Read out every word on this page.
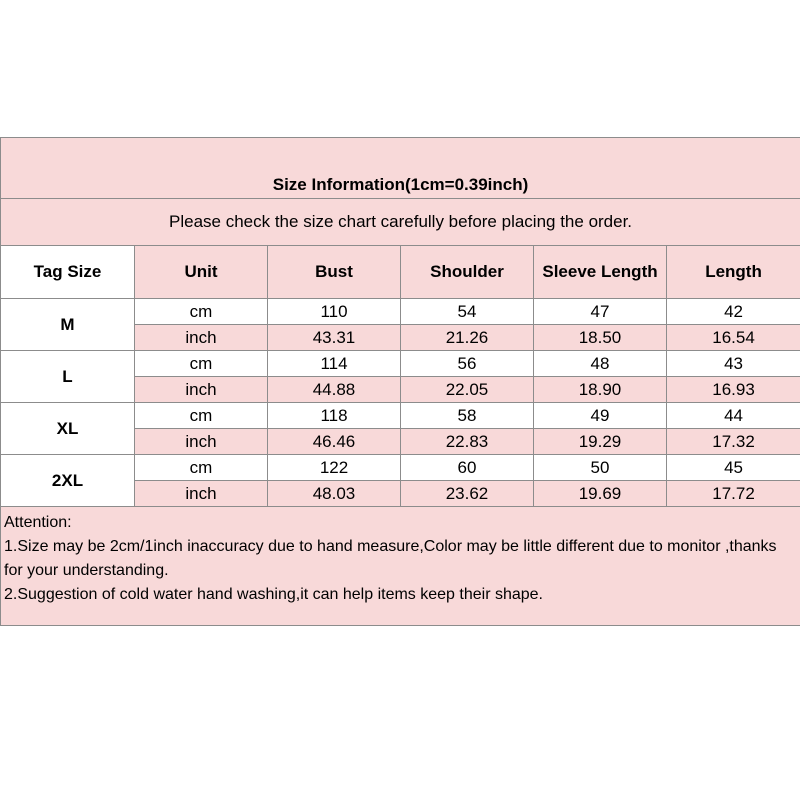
Size Information(1cm=0.39inch)					
Please check the size chart carefully before placing the order.					
Tag Size	Unit	Bust	Shoulder	Sleeve Length	Length
M	cm	110	54	47	42
	inch	43.31	21.26	18.50	16.54
L	cm	114	56	48	43
	inch	44.88	22.05	18.90	16.93
XL	cm	118	58	49	44
	inch	46.46	22.83	19.29	17.32
2XL	cm	122	60	50	45
	inch	48.03	23.62	19.69	17.72

Attention:
1.Size may be 2cm/1inch inaccuracy due to hand measure,Color may be little different due to monitor ,thanks for your understanding.
2.Suggestion of cold water hand washing,it can help items keep their shape.					
